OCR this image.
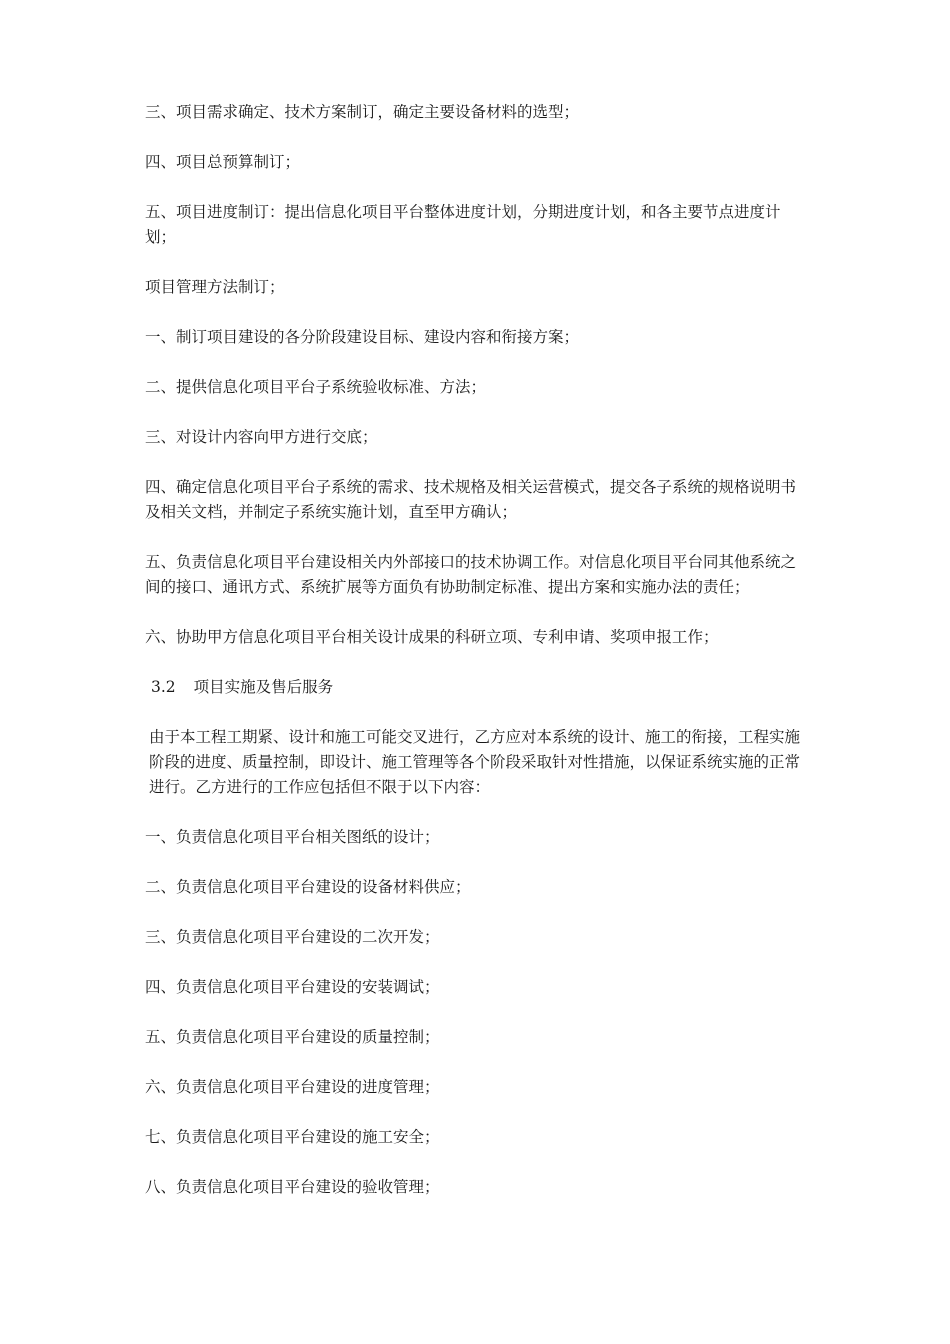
三、项目需求确定、技术方案制订，确定主要设备材料的选型；

四、项目总预算制订；

五、项目进度制订：提出信息化项目平台整体进度计划，分期进度计划，和各主要节点进度计划；

项目管理方法制订；

一、制订项目建设的各分阶段建设目标、建设内容和衔接方案；

二、提供信息化项目平台子系统验收标准、方法；

三、对设计内容向甲方进行交底；

四、确定信息化项目平台子系统的需求、技术规格及相关运营模式，提交各子系统的规格说明书及相关文档，并制定子系统实施计划，直至甲方确认；

五、负责信息化项目平台建设相关内外部接口的技术协调工作。对信息化项目平台同其他系统之间的接口、通讯方式、系统扩展等方面负有协助制定标准、提出方案和实施办法的责任；

六、协助甲方信息化项目平台相关设计成果的科研立项、专利申请、奖项申报工作；

3.2 项目实施及售后服务

由于本工程工期紧、设计和施工可能交叉进行，乙方应对本系统的设计、施工的衔接，工程实施阶段的进度、质量控制，即设计、施工管理等各个阶段采取针对性措施，以保证系统实施的正常进行。乙方进行的工作应包括但不限于以下内容：

一、负责信息化项目平台相关图纸的设计；

二、负责信息化项目平台建设的设备材料供应；

三、负责信息化项目平台建设的二次开发；

四、负责信息化项目平台建设的安装调试；

五、负责信息化项目平台建设的质量控制；

六、负责信息化项目平台建设的进度管理；

七、负责信息化项目平台建设的施工安全；

八、负责信息化项目平台建设的验收管理；
